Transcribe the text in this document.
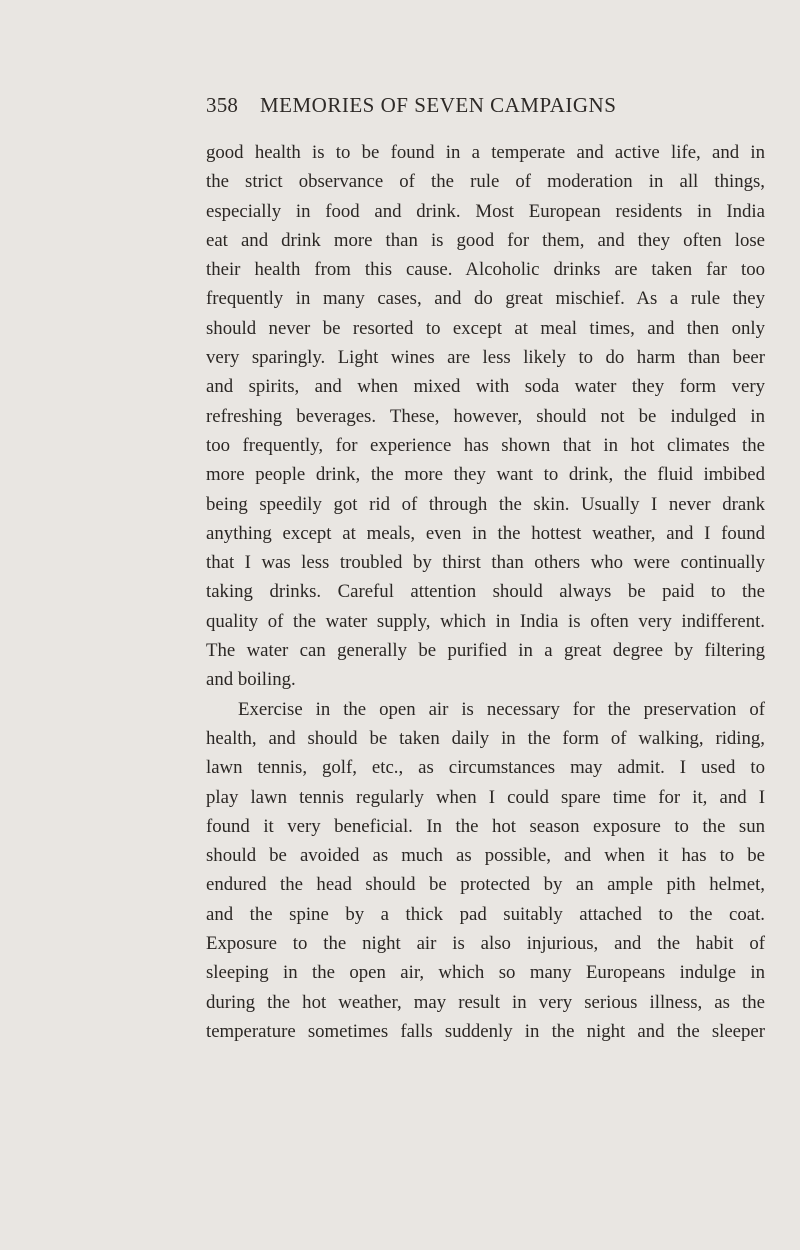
358 MEMORIES OF SEVEN CAMPAIGNS
good health is to be found in a temperate and active life, and in
the strict observance of the rule of moderation in all things,
especially in food and drink. Most European residents in India
eat and drink more than is good for them, and they often lose
their health from this cause. Alcoholic drinks are taken far too
frequently in many cases, and do great mischief. As a rule they
should never be resorted to except at meal times, and then only
very sparingly. Light wines are less likely to do harm than beer
and spirits, and when mixed with soda water they form very
refreshing beverages. These, however, should not be indulged in
too frequently, for experience has shown that in hot climates the
more people drink, the more they want to drink, the fluid imbibed
being speedily got rid of through the skin. Usually I never drank
anything except at meals, even in the hottest weather, and I found
that I was less troubled by thirst than others who were continually
taking drinks. Careful attention should always be paid to the
quality of the water supply, which in India is often very indifferent.
The water can generally be purified in a great degree by filtering
and boiling.
Exercise in the open air is necessary for the preservation of
health, and should be taken daily in the form of walking, riding,
lawn tennis, golf, etc., as circumstances may admit. I used to
play lawn tennis regularly when I could spare time for it, and I
found it very beneficial. In the hot season exposure to the sun
should be avoided as much as possible, and when it has to be
endured the head should be protected by an ample pith helmet,
and the spine by a thick pad suitably attached to the coat.
Exposure to the night air is also injurious, and the habit of
sleeping in the open air, which so many Europeans indulge in
during the hot weather, may result in very serious illness, as the
temperature sometimes falls suddenly in the night and the sleeper
